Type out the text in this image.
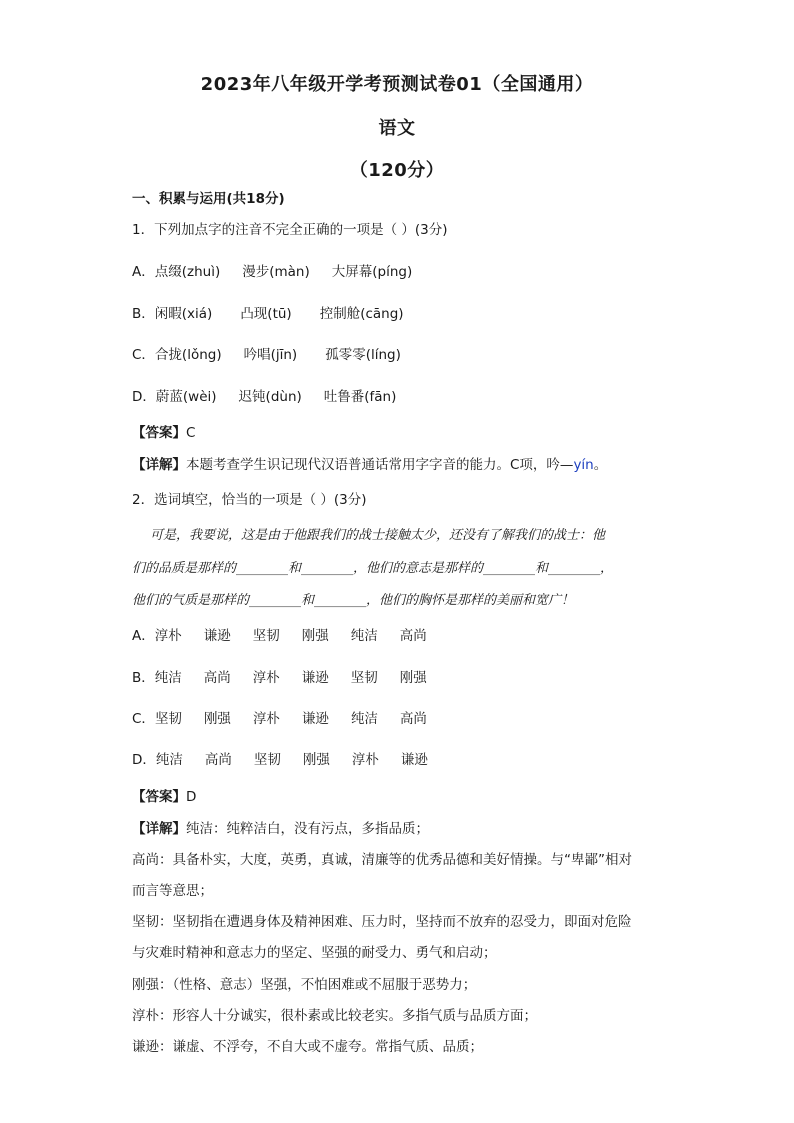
2023年八年级开学考预测试卷01（全国通用）
语文
（120分）
一、积累与运用(共18分)
1．下列加点字的注音不完全正确的一项是（ ）(3分)
A．点缀(zhuì) 漫步(màn) 大屏幕(píng)
B．闲暇(xiá) 凸现(tū) 控制舱(cāng)
C．合拢(lǒng) 吟唱(jīn) 孤零零(líng)
D．蔚蓝(wèi) 迟钝(dùn) 吐鲁番(fān)
【答案】C
【详解】本题考查学生识记现代汉语普通话常用字字音的能力。C项，吟—yín。
2．选词填空，恰当的一项是（ ）(3分)
可是，我要说，这是由于他跟我们的战士接触太少，还没有了解我们的战士：他
们的品质是那样的________和________，他们的意志是那样的________和________，
他们的气质是那样的________和________，他们的胸怀是那样的美丽和宽广！
A．淳朴 谦逊 坚韧 刚强 纯洁 高尚
B．纯洁 高尚 淳朴 谦逊 坚韧 刚强
C．坚韧 刚强 淳朴 谦逊 纯洁 高尚
D．纯洁 高尚 坚韧 刚强 淳朴 谦逊
【答案】D
【详解】纯洁：纯粹洁白，没有污点，多指品质；
高尚：具备朴实，大度，英勇，真诚，清廉等的优秀品德和美好情操。与“卑鄙”相对
而言等意思；
坚韧：坚韧指在遭遇身体及精神困难、压力时，坚持而不放弃的忍受力，即面对危险
与灾难时精神和意志力的坚定、坚强的耐受力、勇气和启动；
刚强：（性格、意志）坚强，不怕困难或不屈服于恶势力；
淳朴：形容人十分诚实，很朴素或比较老实。多指气质与品质方面；
谦逊：谦虚、不浮夸，不自大或不虚夸。常指气质、品质；
